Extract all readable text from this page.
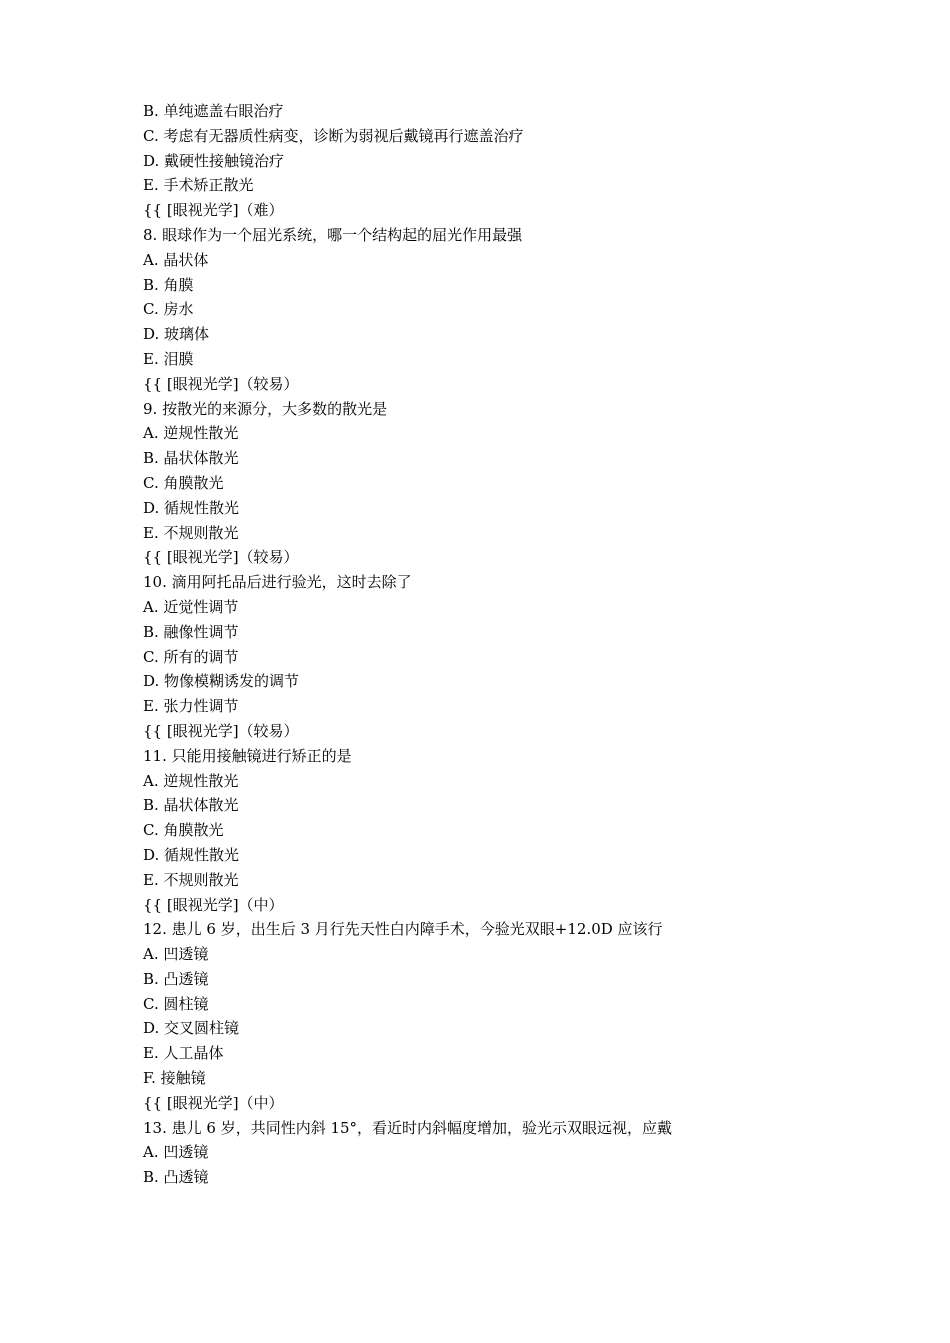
B. 单纯遮盖右眼治疗
C. 考虑有无器质性病变，诊断为弱视后戴镜再行遮盖治疗
D. 戴硬性接触镜治疗
E. 手术矫正散光
{{ [眼视光学]（难）
8. 眼球作为一个屈光系统，哪一个结构起的屈光作用最强
A. 晶状体
B. 角膜
C. 房水
D. 玻璃体
E. 泪膜
{{ [眼视光学]（较易）
9. 按散光的来源分，大多数的散光是
A. 逆规性散光
B. 晶状体散光
C. 角膜散光
D. 循规性散光
E. 不规则散光
{{ [眼视光学]（较易）
10. 滴用阿托品后进行验光，这时去除了
A. 近觉性调节
B. 融像性调节
C. 所有的调节
D. 物像模糊诱发的调节
E. 张力性调节
{{ [眼视光学]（较易）
11. 只能用接触镜进行矫正的是
A. 逆规性散光
B. 晶状体散光
C. 角膜散光
D. 循规性散光
E. 不规则散光
{{ [眼视光学]（中）
12. 患儿 6 岁，出生后 3 月行先天性白内障手术，今验光双眼+12.0D 应该行
A. 凹透镜
B. 凸透镜
C. 圆柱镜
D. 交叉圆柱镜
E. 人工晶体
F. 接触镜
{{ [眼视光学]（中）
13. 患儿 6 岁，共同性内斜 15°，看近时内斜幅度增加，验光示双眼远视，应戴
A. 凹透镜
B. 凸透镜
